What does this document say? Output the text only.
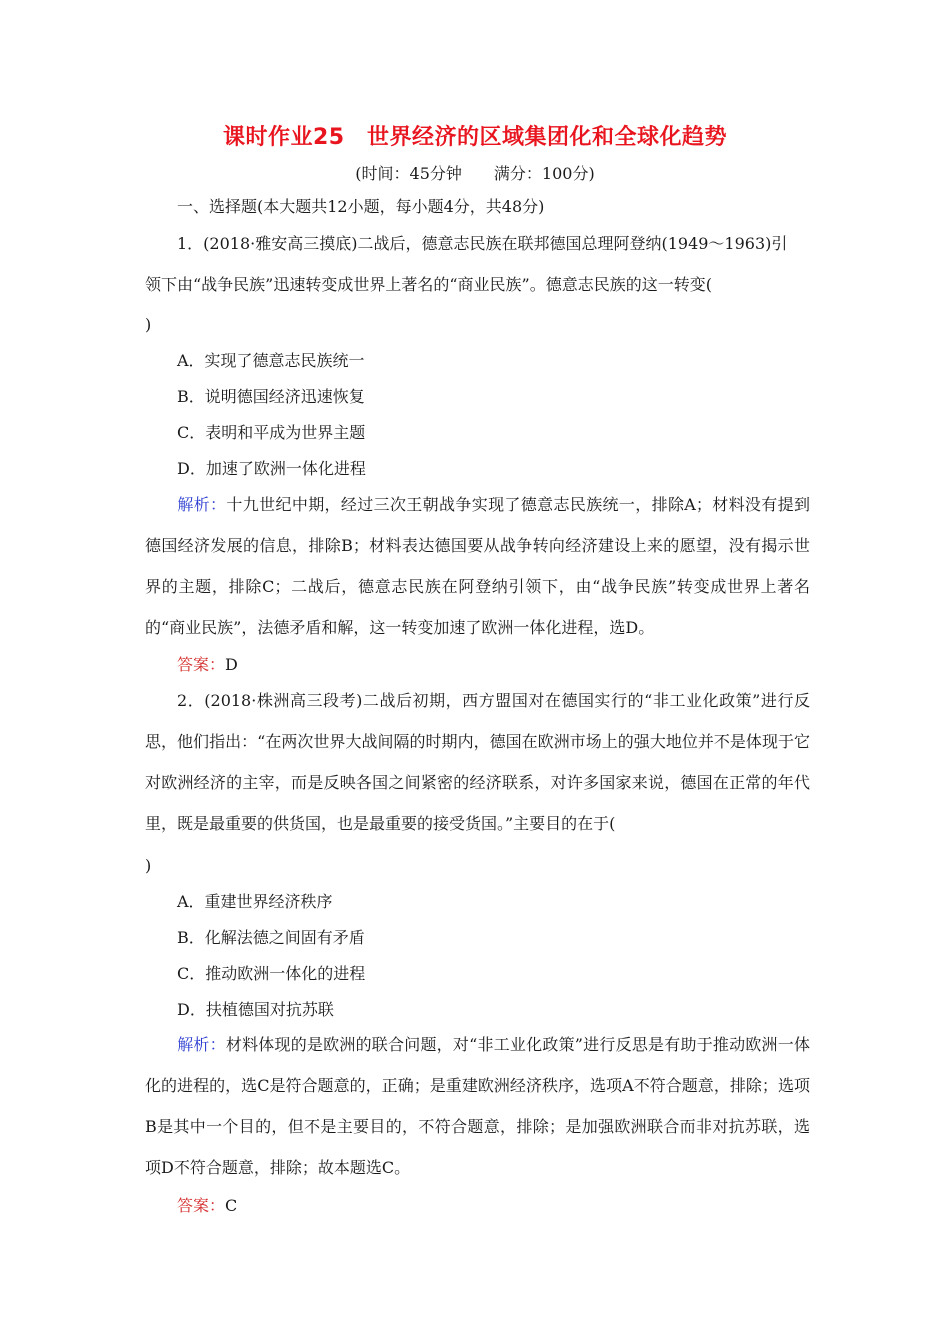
课时作业25　世界经济的区域集团化和全球化趋势
(时间：45分钟　　满分：100分)
一、选择题(本大题共12小题，每小题4分，共48分)
1．(2018·雅安高三摸底)二战后，德意志民族在联邦德国总理阿登纳(1949～1963)引
领下由“战争民族”迅速转变成世界上著名的“商业民族”。德意志民族的这一转变(
)
A．实现了德意志民族统一
B．说明德国经济迅速恢复
C．表明和平成为世界主题
D．加速了欧洲一体化进程
解析：十九世纪中期，经过三次王朝战争实现了德意志民族统一，排除A；材料没有提到德国经济发展的信息，排除B；材料表达德国要从战争转向经济建设上来的愿望，没有揭示世界的主题，排除C；二战后，德意志民族在阿登纳引领下，由“战争民族”转变成世界上著名的“商业民族”，法德矛盾和解，这一转变加速了欧洲一体化进程，选D。
答案：D
2．(2018·株洲高三段考)二战后初期，西方盟国对在德国实行的“非工业化政策”进行反思，他们指出：“在两次世界大战间隔的时期内，德国在欧洲市场上的强大地位并不是体现于它对欧洲经济的主宰，而是反映各国之间紧密的经济联系，对许多国家来说，德国在正常的年代里，既是最重要的供货国，也是最重要的接受货国。”主要目的在于(
)
A．重建世界经济秩序
B．化解法德之间固有矛盾
C．推动欧洲一体化的进程
D．扶植德国对抗苏联
解析：材料体现的是欧洲的联合问题，对“非工业化政策”进行反思是有助于推动欧洲一体化的进程的，选C是符合题意的，正确；是重建欧洲经济秩序，选项A不符合题意，排除；选项B是其中一个目的，但不是主要目的，不符合题意，排除；是加强欧洲联合而非对抗苏联，选项D不符合题意，排除；故本题选C。
答案：C
